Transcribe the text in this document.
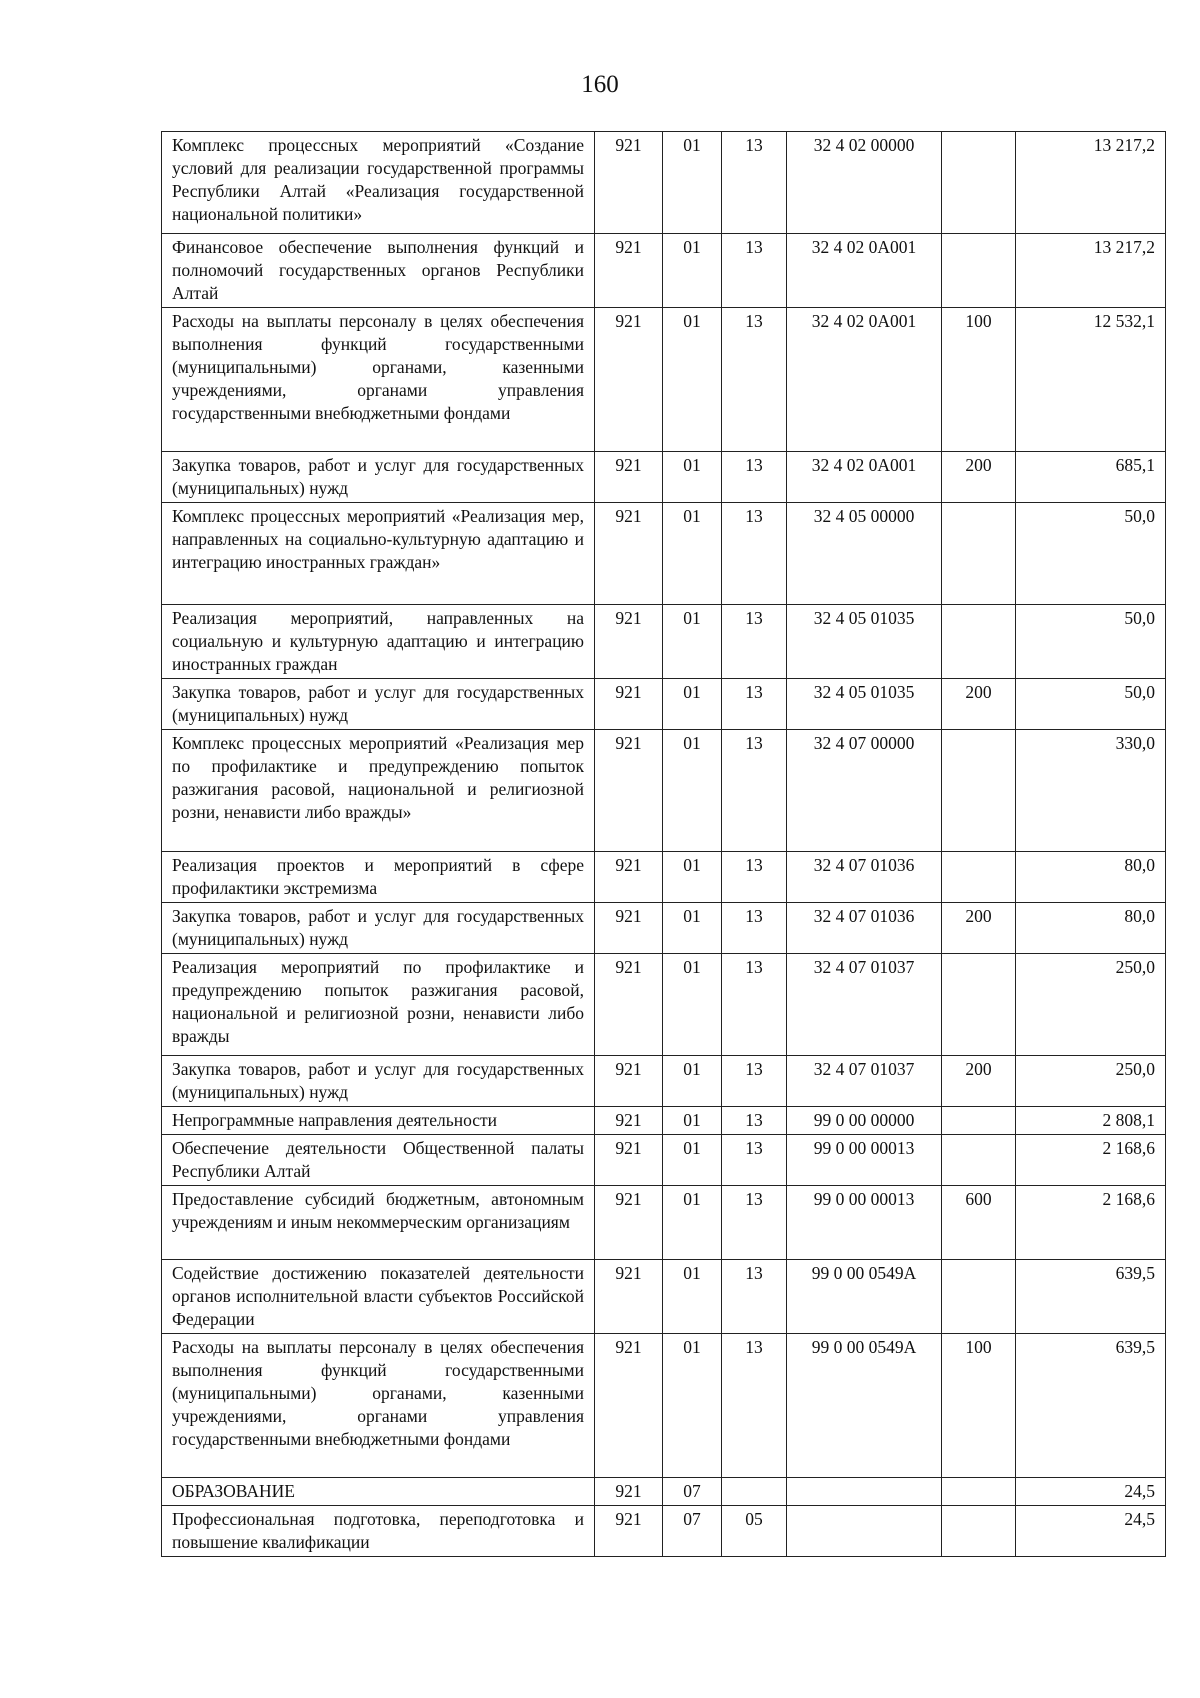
160
Комплекс процессных мероприятий «Создание условий для реализации государственной программы Республики Алтай «Реализация государственной национальной политики»	921	01	13	32 4 02 00000		13 217,2
Финансовое обеспечение выполнения функций и полномочий государственных органов Республики Алтай	921	01	13	32 4 02 0А001		13 217,2
Расходы на выплаты персоналу в целях обеспечения выполнения функций государственными (муниципальными) органами, казенными учреждениями, органами управления государственными внебюджетными фондами	921	01	13	32 4 02 0А001	100	12 532,1
Закупка товаров, работ и услуг для государственных (муниципальных) нужд	921	01	13	32 4 02 0А001	200	685,1
Комплекс процессных мероприятий «Реализация мер, направленных на социально-культурную адаптацию и интеграцию иностранных граждан»	921	01	13	32 4 05 00000		50,0
Реализация мероприятий, направленных на социальную и культурную адаптацию и интеграцию иностранных граждан	921	01	13	32 4 05 01035		50,0
Закупка товаров, работ и услуг для государственных (муниципальных) нужд	921	01	13	32 4 05 01035	200	50,0
Комплекс процессных мероприятий «Реализация мер по профилактике и предупреждению попыток разжигания расовой, национальной и религиозной розни, ненависти либо вражды»	921	01	13	32 4 07 00000		330,0
Реализация проектов и мероприятий в сфере профилактики экстремизма	921	01	13	32 4 07 01036		80,0
Закупка товаров, работ и услуг для государственных (муниципальных) нужд	921	01	13	32 4 07 01036	200	80,0
Реализация мероприятий по профилактике и предупреждению попыток разжигания расовой, национальной и религиозной розни, ненависти либо вражды	921	01	13	32 4 07 01037		250,0
Закупка товаров, работ и услуг для государственных (муниципальных) нужд	921	01	13	32 4 07 01037	200	250,0
Непрограммные направления деятельности	921	01	13	99 0 00 00000		2 808,1
Обеспечение деятельности Общественной палаты Республики Алтай	921	01	13	99 0 00 00013		2 168,6
Предоставление субсидий бюджетным, автономным учреждениям и иным некоммерческим организациям	921	01	13	99 0 00 00013	600	2 168,6
Содействие достижению показателей деятельности органов исполнительной власти субъектов Российской Федерации	921	01	13	99 0 00 0549А		639,5
Расходы на выплаты персоналу в целях обеспечения выполнения функций государственными (муниципальными) органами, казенными учреждениями, органами управления государственными внебюджетными фондами	921	01	13	99 0 00 0549А	100	639,5
ОБРАЗОВАНИЕ	921	07				24,5
Профессиональная подготовка, переподготовка и повышение квалификации	921	07	05			24,5
